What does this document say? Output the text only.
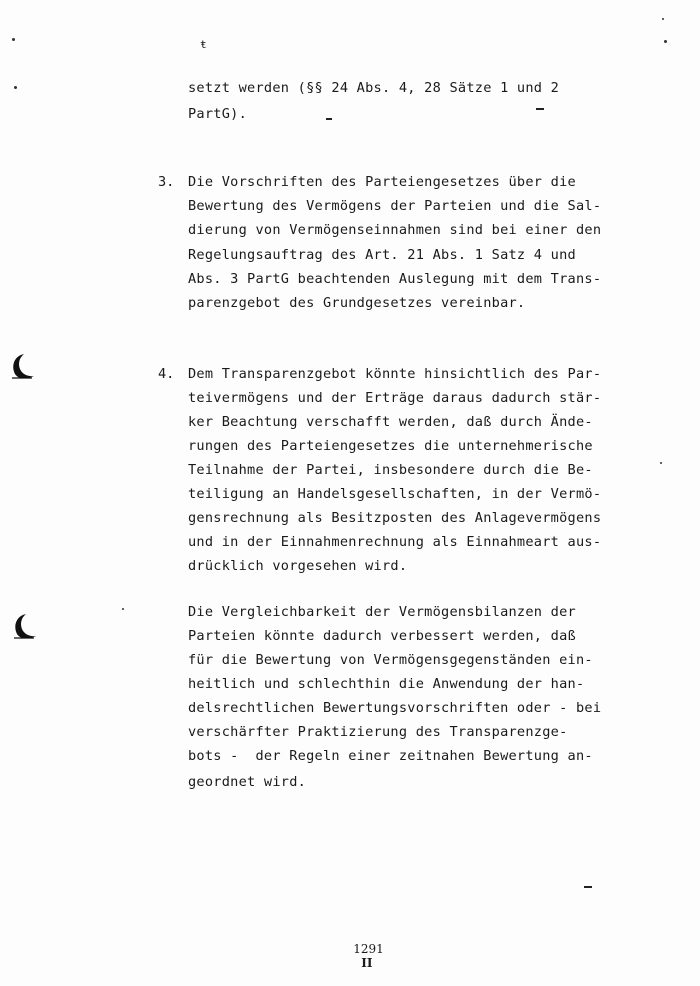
ŧ
setzt werden (§§ 24 Abs. 4, 28 Sätze 1 und 2
PartG).
3. Die Vorschriften des Parteiengesetzes über die
Bewertung des Vermögens der Parteien und die Sal-
dierung von Vermögenseinnahmen sind bei einer den
Regelungsauftrag des Art. 21 Abs. 1 Satz 4 und
Abs. 3 PartG beachtenden Auslegung mit dem Trans-
parenzgebot des Grundgesetzes vereinbar.
4. Dem Transparenzgebot könnte hinsichtlich des Par-
teivermögens und der Erträge daraus dadurch stär-
ker Beachtung verschafft werden, daß durch Ände-
rungen des Parteiengesetzes die unternehmerische
Teilnahme der Partei, insbesondere durch die Be-
teiligung an Handelsgesellschaften, in der Vermö-
gensrechnung als Besitzposten des Anlagevermögens
und in der Einnahmenrechnung als Einnahmeart aus-
drücklich vorgesehen wird.
Die Vergleichbarkeit der Vermögensbilanzen der
Parteien könnte dadurch verbessert werden, daß
für die Bewertung von Vermögensgegenständen ein-
heitlich und schlechthin die Anwendung der han-
delsrechtlichen Bewertungsvorschriften oder - bei
verschärfter Praktizierung des Transparenzge-
bots -  der Regeln einer zeitnahen Bewertung an-
geordnet wird.

1291
II
